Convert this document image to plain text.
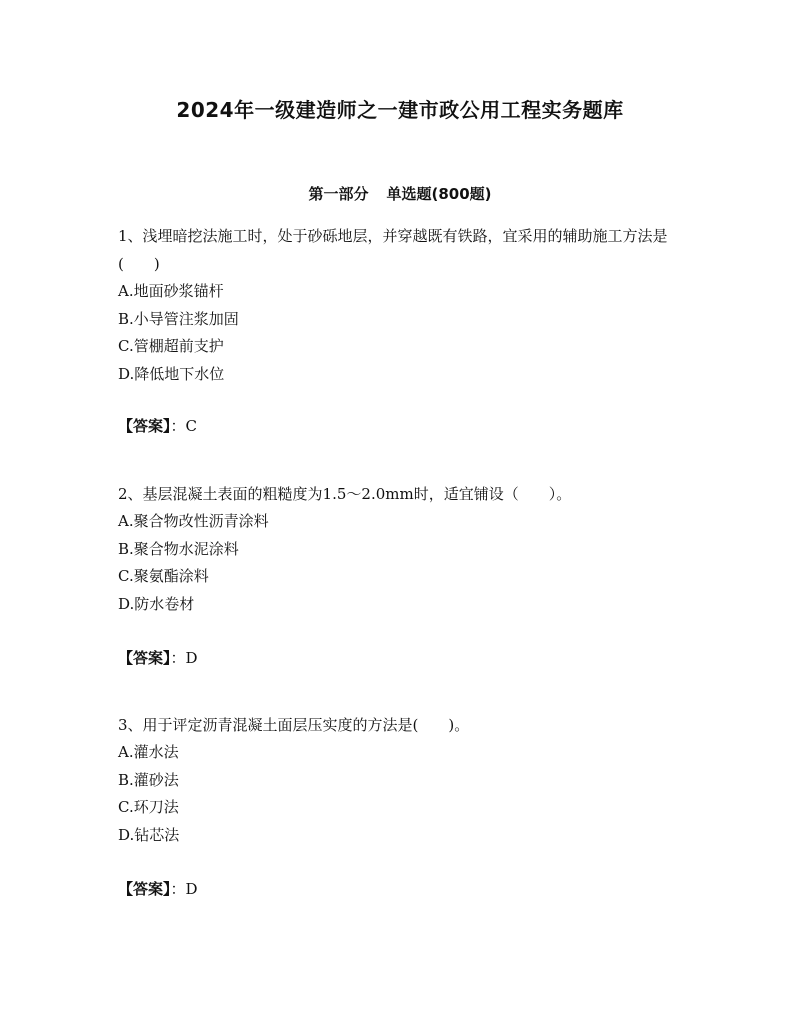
2024年一级建造师之一建市政公用工程实务题库
第一部分 单选题(800题)

1、浅埋暗挖法施工时，处于砂砾地层，并穿越既有铁路，宜采用的辅助施工方法是(　　)

A.地面砂浆锚杆
B.小导管注浆加固
C.管棚超前支护
D.降低地下水位
【答案】：C

2、基层混凝土表面的粗糙度为1.5～2.0mm时，适宜铺设（　　）。

A.聚合物改性沥青涂料
B.聚合物水泥涂料
C.聚氨酯涂料
D.防水卷材
【答案】：D

3、用于评定沥青混凝土面层压实度的方法是(　　)。

A.灌水法
B.灌砂法
C.环刀法
D.钻芯法
【答案】：D
